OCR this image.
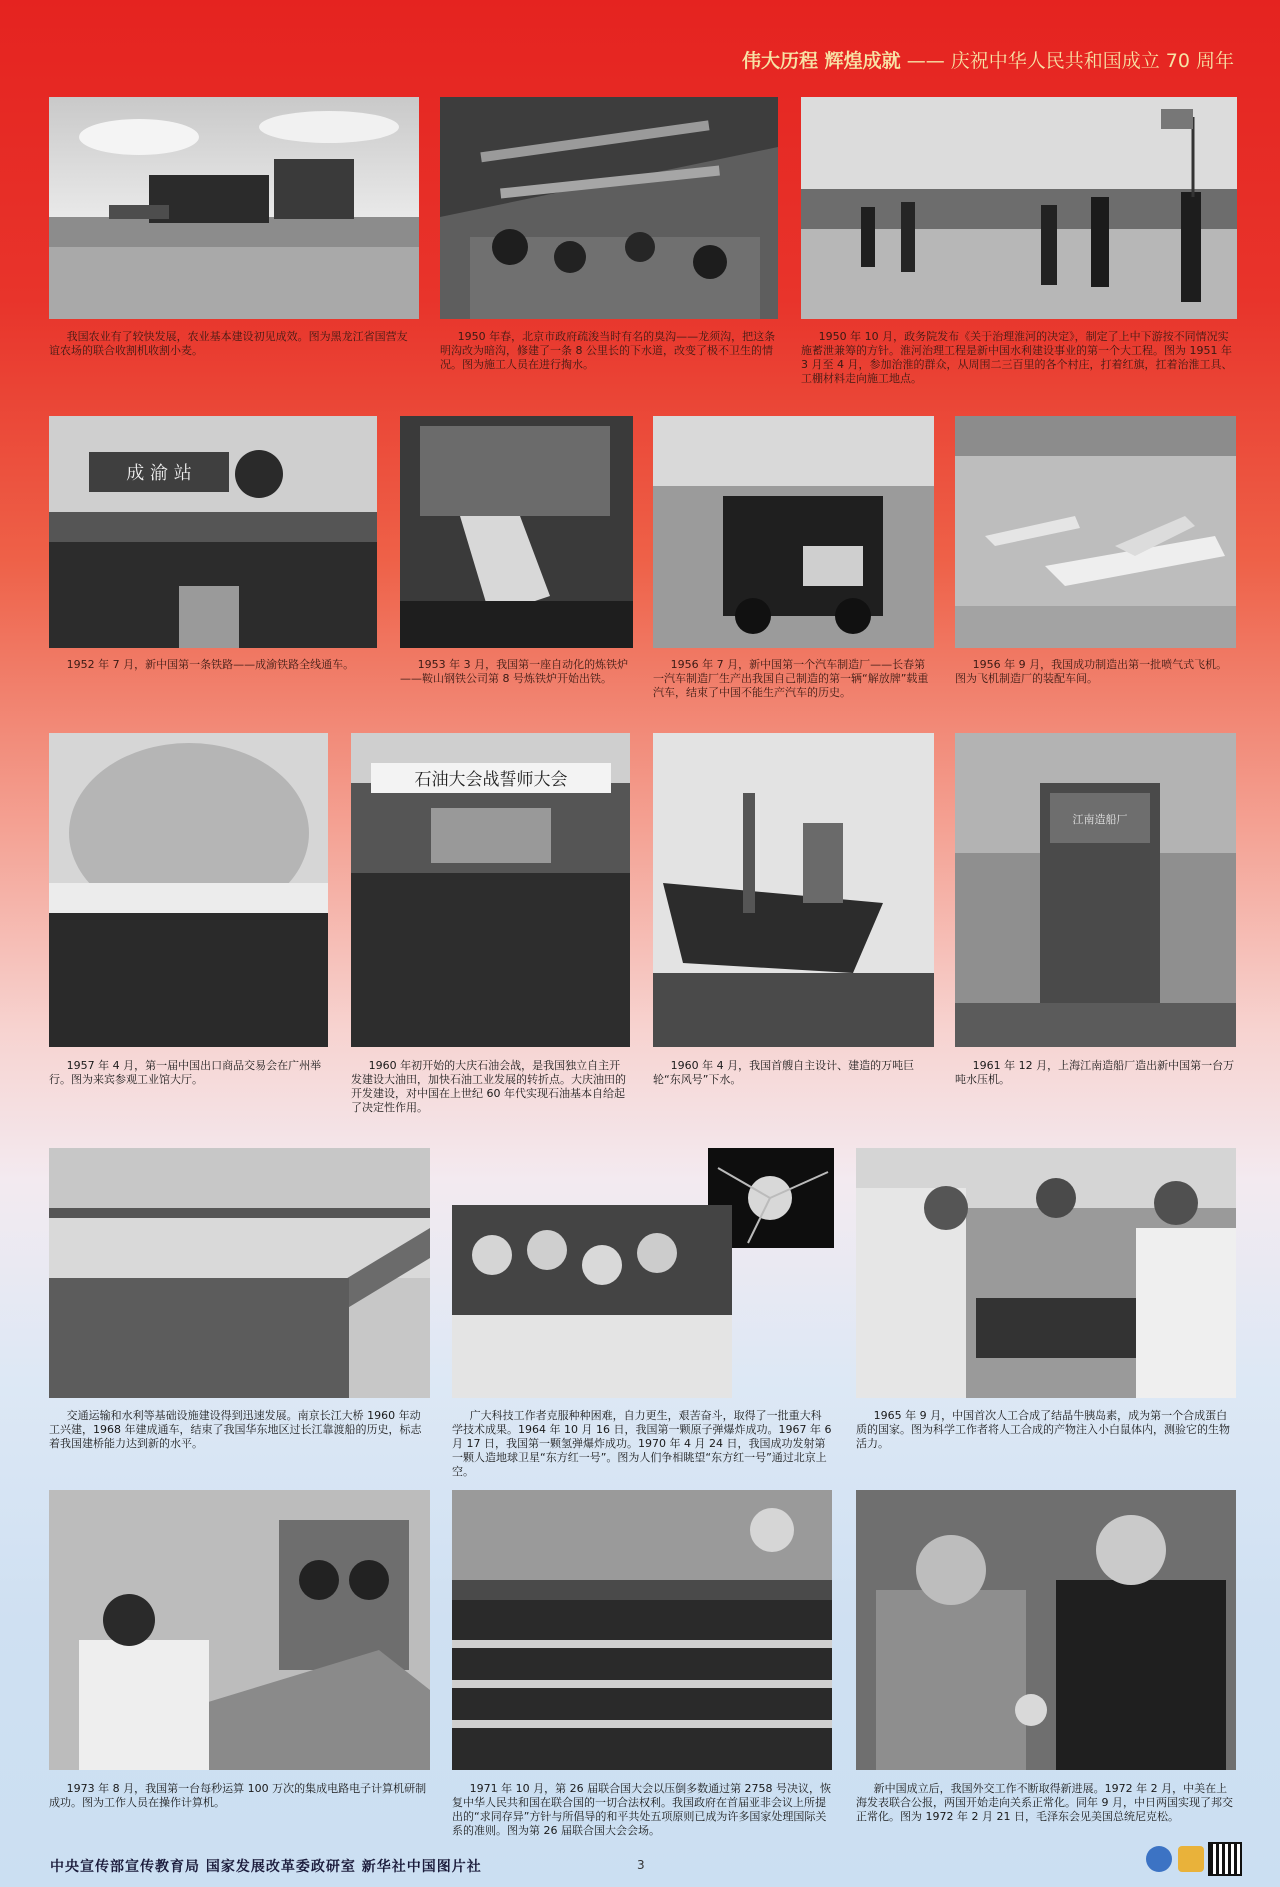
伟大历程 辉煌成就 —— 庆祝中华人民共和国成立 70 周年
我国农业有了较快发展，农业基本建设初见成效。图为黑龙江省国营友谊农场的联合收割机收割小麦。
1950 年春，北京市政府疏浚当时有名的臭沟——龙须沟，把这条明沟改为暗沟，修建了一条 8 公里长的下水道，改变了极不卫生的情况。图为施工人员在进行掏水。
1950 年 10 月，政务院发布《关于治理淮河的决定》，制定了上中下游按不同情况实施蓄泄兼筹的方针。淮河治理工程是新中国水利建设事业的第一个大工程。图为 1951 年 3 月至 4 月，参加治淮的群众，从周围二三百里的各个村庄，打着红旗，扛着治淮工具、工棚材料走向施工地点。
成 渝 站
1952 年 7 月，新中国第一条铁路——成渝铁路全线通车。	1953 年 3 月，我国第一座自动化的炼铁炉——鞍山钢铁公司第 8 号炼铁炉开始出铁。
1956 年 7 月，新中国第一个汽车制造厂——长春第一汽车制造厂生产出我国自己制造的第一辆“解放牌”载重汽车，结束了中国不能生产汽车的历史。
1956 年 9 月，我国成功制造出第一批喷气式飞机。图为飞机制造厂的装配车间。
1957 年 4 月，第一届中国出口商品交易会在广州举行。图为来宾参观工业馆大厅。
石油大会战誓师大会
1960 年初开始的大庆石油会战，是我国独立自主开发建设大油田，加快石油工业发展的转折点。大庆油田的开发建设，对中国在上世纪 60 年代实现石油基本自给起了决定性作用。
1960 年 4 月，我国首艘自主设计、建造的万吨巨轮“东风号”下水。
江南造船厂
1961 年 12 月，上海江南造船厂造出新中国第一台万吨水压机。
交通运输和水利等基础设施建设得到迅速发展。南京长江大桥 1960 年动工兴建，1968 年建成通车，结束了我国华东地区过长江靠渡船的历史，标志着我国建桥能力达到新的水平。
广大科技工作者克服种种困难，自力更生，艰苦奋斗，取得了一批重大科学技术成果。1964 年 10 月 16 日，我国第一颗原子弹爆炸成功。1967 年 6 月 17 日，我国第一颗氢弹爆炸成功。1970 年 4 月 24 日，我国成功发射第一颗人造地球卫星“东方红一号”。图为人们争相眺望“东方红一号”通过北京上空。
1965 年 9 月，中国首次人工合成了结晶牛胰岛素，成为第一个合成蛋白质的国家。图为科学工作者将人工合成的产物注入小白鼠体内，测验它的生物活力。
1973 年 8 月，我国第一台每秒运算 100 万次的集成电路电子计算机研制成功。图为工作人员在操作计算机。
1971 年 10 月，第 26 届联合国大会以压倒多数通过第 2758 号决议，恢复中华人民共和国在联合国的一切合法权利。我国政府在首届亚非会议上所提出的“求同存异”方针与所倡导的和平共处五项原则已成为许多国家处理国际关系的准则。图为第 26 届联合国大会会场。
新中国成立后，我国外交工作不断取得新进展。1972 年 2 月，中美在上海发表联合公报，两国开始走向关系正常化。同年 9 月，中日两国实现了邦交正常化。图为 1972 年 2 月 21 日，毛泽东会见美国总统尼克松。
中央宣传部宣传教育局 国家发展改革委政研室 新华社中国图片社	3
